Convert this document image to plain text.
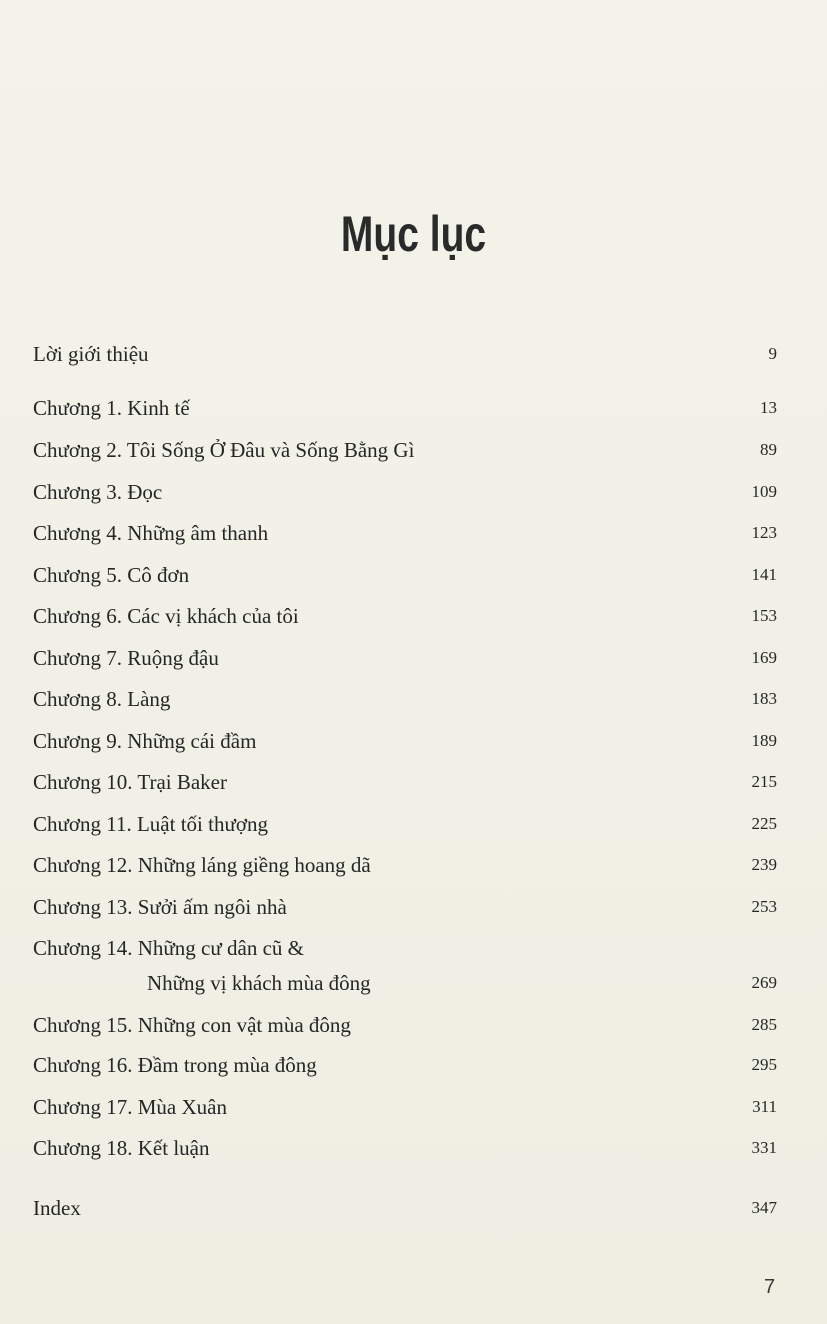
Mục lục
Lời giới thiệu	9
Chương 1. Kinh tế	13
Chương 2. Tôi Sống Ở Đâu và Sống Bằng Gì	89
Chương 3. Đọc	109
Chương 4. Những âm thanh	123
Chương 5. Cô đơn	141
Chương 6. Các vị khách của tôi	153
Chương 7. Ruộng đậu	169
Chương 8. Làng	183
Chương 9. Những cái đầm	189
Chương 10. Trại Baker	215
Chương 11. Luật tối thượng	225
Chương 12. Những láng giềng hoang dã	239
Chương 13. Sưởi ấm ngôi nhà	253
Chương 14. Những cư dân cũ &
Những vị khách mùa đông	269
Chương 15. Những con vật mùa đông	285
Chương 16. Đầm trong mùa đông	295
Chương 17. Mùa Xuân	311
Chương 18. Kết luận	331
Index	347
7
